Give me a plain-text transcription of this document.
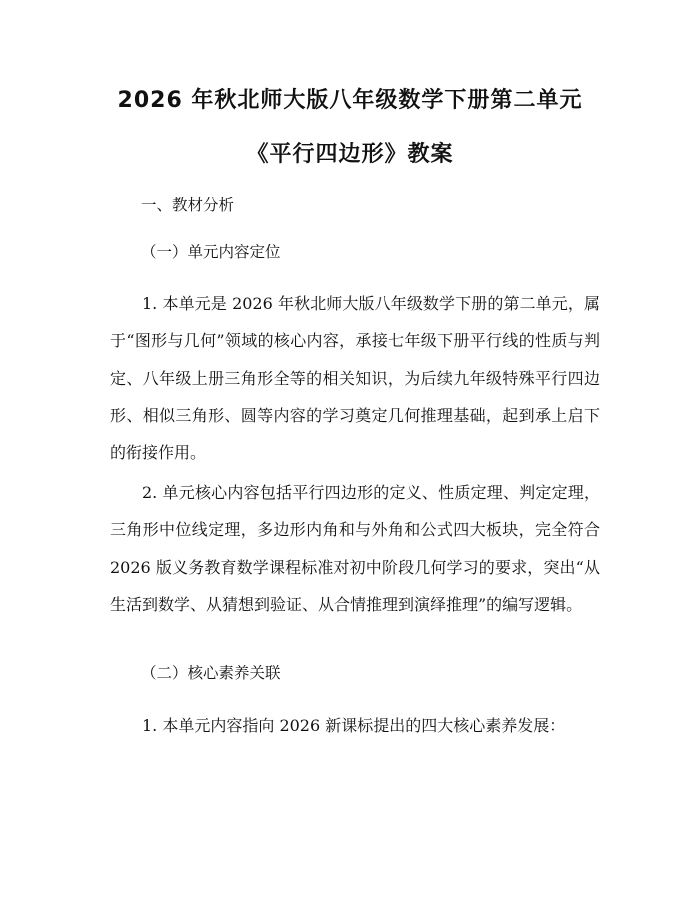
2026 年秋北师大版八年级数学下册第二单元
《平行四边形》教案
一、教材分析
（一）单元内容定位

1. 本单元是 2026 年秋北师大版八年级数学下册的第二单元，属于“图形与几何”领域的核心内容，承接七年级下册平行线的性质与判定、八年级上册三角形全等的相关知识，为后续九年级特殊平行四边形、相似三角形、圆等内容的学习奠定几何推理基础，起到承上启下的衔接作用。

2. 单元核心内容包括平行四边形的定义、性质定理、判定定理，三角形中位线定理，多边形内角和与外角和公式四大板块，完全符合 2026 版义务教育数学课程标准对初中阶段几何学习的要求，突出“从生活到数学、从猜想到验证、从合情推理到演绎推理”的编写逻辑。

（二）核心素养关联

1. 本单元内容指向 2026 新课标提出的四大核心素养发展：
